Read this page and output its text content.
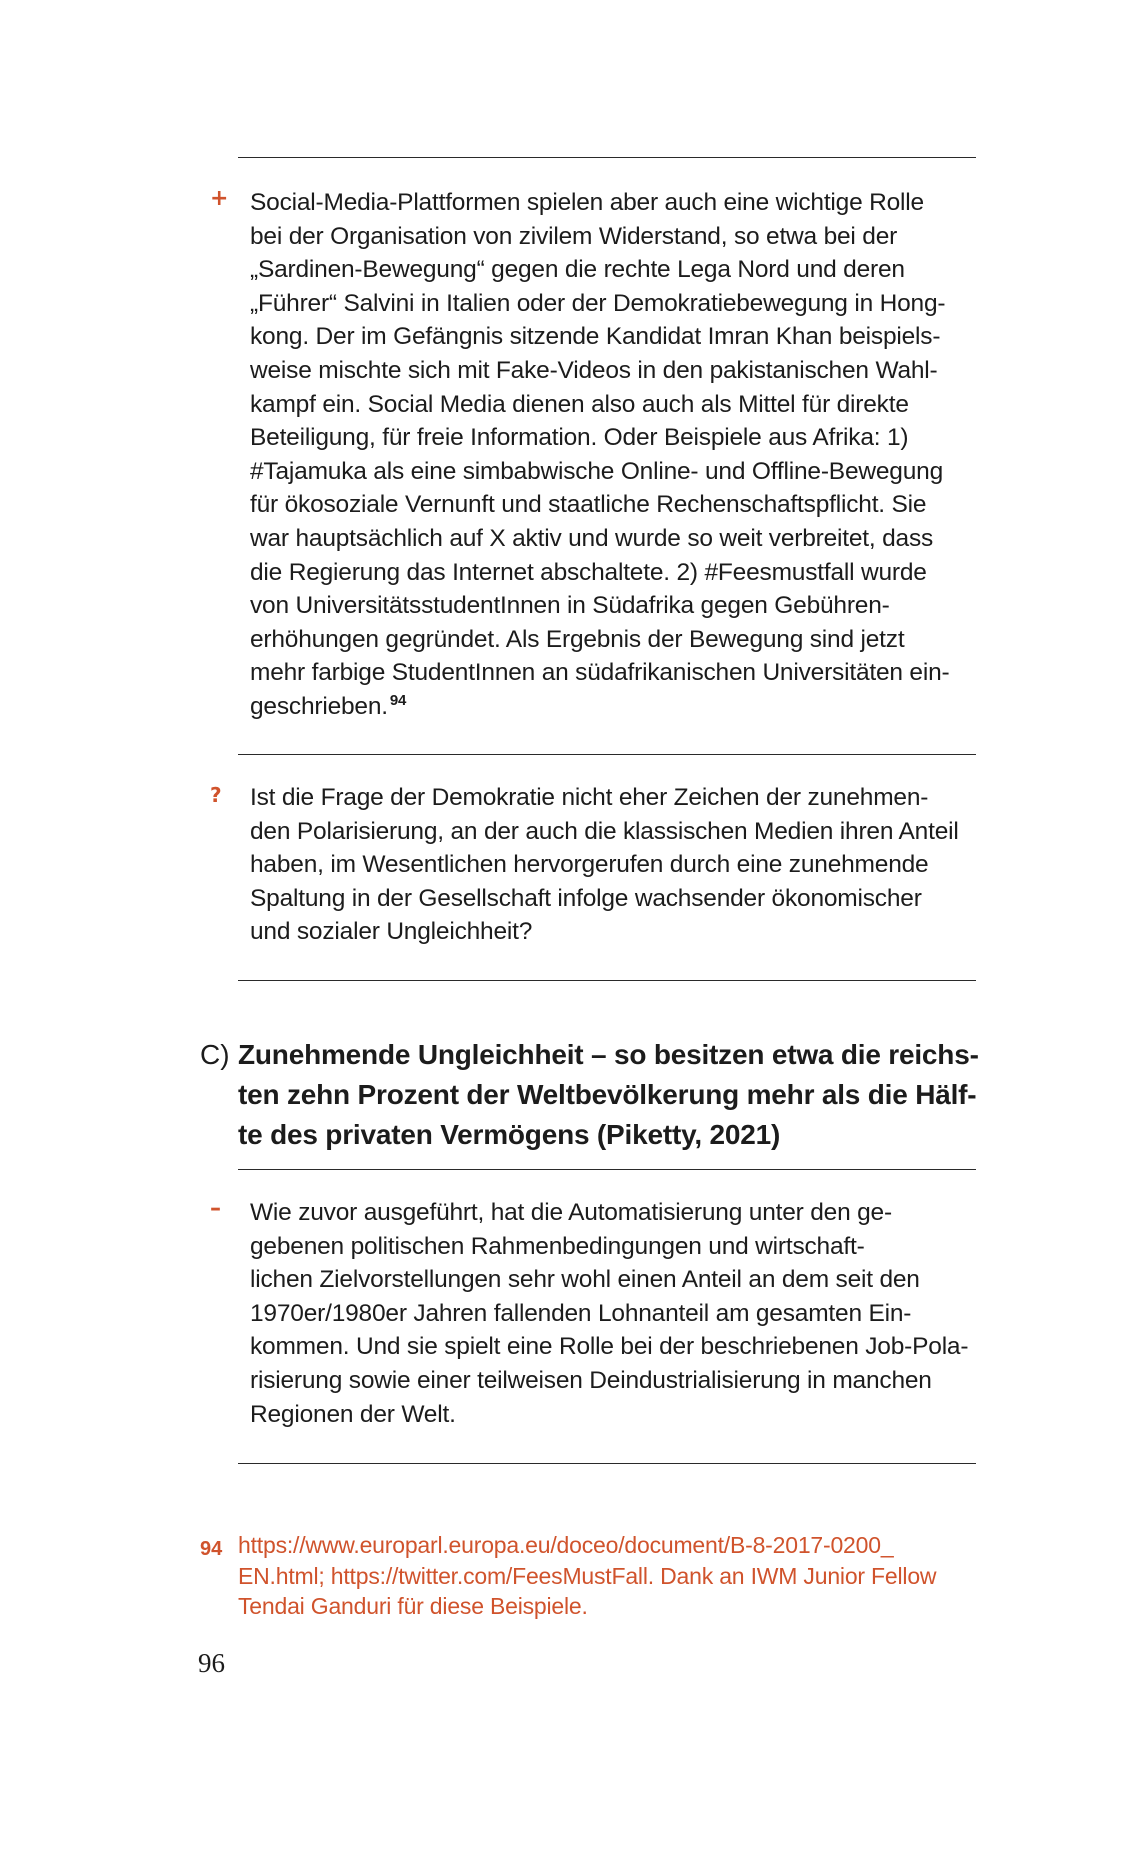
+ Social-Media-Plattformen spielen aber auch eine wichtige Rolle
bei der Organisation von zivilem Widerstand, so etwa bei der
„Sardinen-Bewegung“ gegen die rechte Lega Nord und deren
„Führer“ Salvini in Italien oder der Demokratiebewegung in Hong-
kong. Der im Gefängnis sitzende Kandidat Imran Khan beispiels-
weise mischte sich mit Fake-Videos in den pakistanischen Wahl-
kampf ein. Social Media dienen also auch als Mittel für direkte
Beteiligung, für freie Information. Oder Beispiele aus Afrika: 1)
#Tajamuka als eine simbabwische Online- und Offline-Bewegung
für ökosoziale Vernunft und staatliche Rechenschaftspflicht. Sie
war hauptsächlich auf X aktiv und wurde so weit verbreitet, dass
die Regierung das Internet abschaltete. 2) #Feesmustfall wurde
von UniversitätsstudentInnen in Südafrika gegen Gebühren-
erhöhungen gegründet. Als Ergebnis der Bewegung sind jetzt
mehr farbige StudentInnen an südafrikanischen Universitäten ein-
geschrieben. $^{94}$
?	Ist die Frage der Demokratie nicht eher Zeichen der zunehmen-
den Polarisierung, an der auch die klassischen Medien ihren Anteil
haben, im Wesentlichen hervorgerufen durch eine zunehmende
Spaltung in der Gesellschaft infolge wachsender ökonomischer
und sozialer Ungleichheit?
C) Zunehmende Ungleichheit – so besitzen etwa die reichs-
ten zehn Prozent der Weltbevölkerung mehr als die Hälf-
te des privaten Vermögens (Piketty, 2021)
–	Wie zuvor ausgeführt, hat die Automatisierung unter den ge-
gebenen politischen Rahmenbedingungen und wirtschaft-
lichen Zielvorstellungen sehr wohl einen Anteil an dem seit den
1970er/1980er Jahren fallenden Lohnanteil am gesamten Ein-
kommen. Und sie spielt eine Rolle bei der beschriebenen Job-Pola-
risierung sowie einer teilweisen Deindustrialisierung in manchen
Regionen der Welt.
94 https://www.europarl.europa.eu/doceo/document/B-8-2017-0200_
EN.html; https://twitter.com/FeesMustFall. Dank an IWM Junior Fellow
Tendai Ganduri für diese Beispiele.
96
